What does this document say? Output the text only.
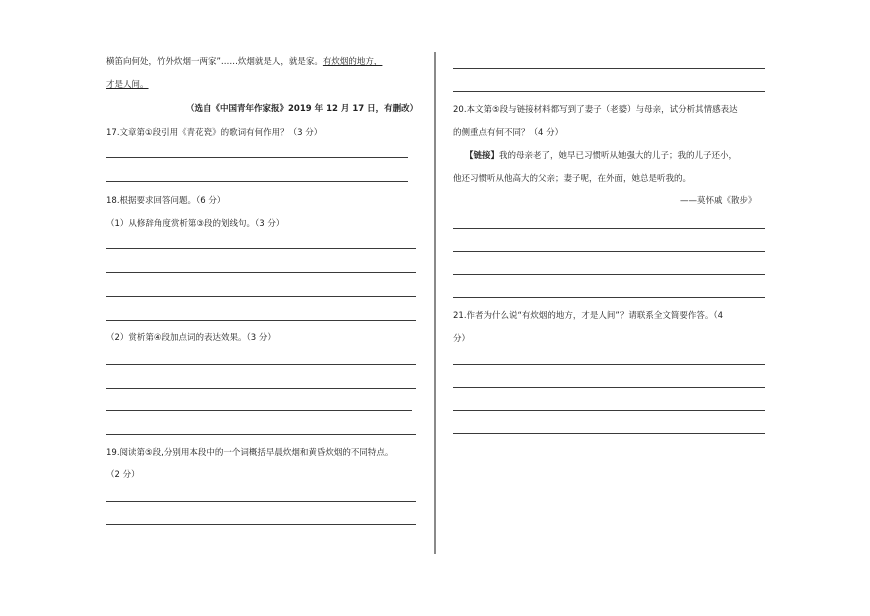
横笛向何处，竹外炊烟一两家”……炊烟就是人，就是家。有炊烟的地方，
才是人间。
（选自《中国青年作家报》2019 年 12 月 17 日，有删改）
17.文章第①段引用《青花瓷》的歌词有何作用？（3 分）
18.根据要求回答问题。（6 分）
（1）从修辞角度赏析第③段的划线句。（3 分）
（2）赏析第④段加点词的表达效果。（3 分）
19.阅读第⑤段,分别用本段中的一个词概括早晨炊烟和黄昏炊烟的不同特点。
（2 分）
20.本文第⑤段与链接材料都写到了妻子（老婆）与母亲，试分析其情感表达
的侧重点有何不同？（4 分）
【链接】我的母亲老了，她早已习惯听从她强大的儿子；我的儿子还小，
他还习惯听从他高大的父亲；妻子呢，在外面，她总是听我的。
——莫怀戚《散步》
21.作者为什么说“有炊烟的地方，才是人间”？请联系全文简要作答。（4
分）
